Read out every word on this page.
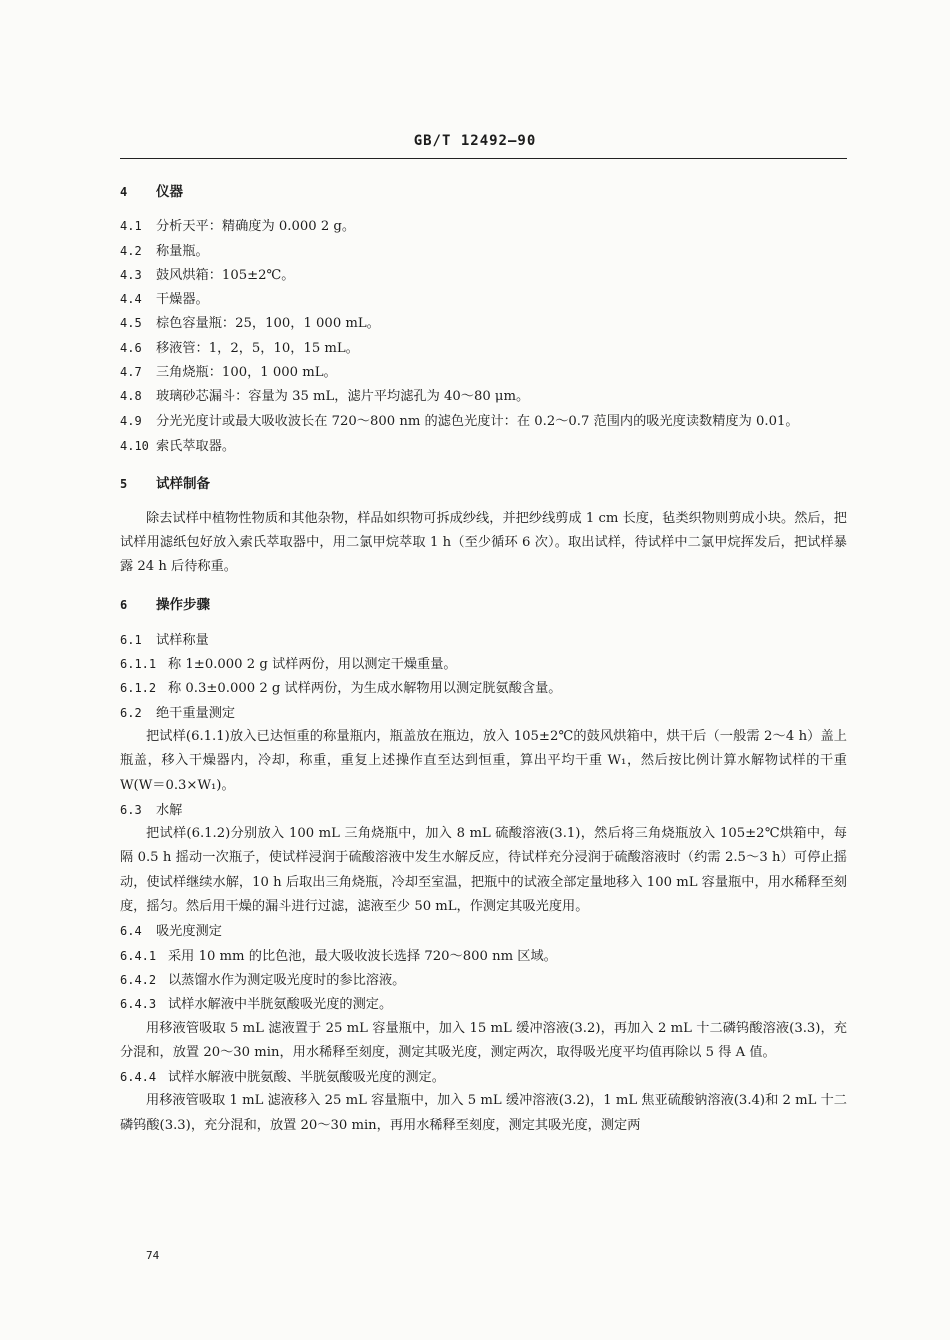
GB/T 12492—90
4 仪器
4.1 分析天平：精确度为 0.000 2 g。
4.2 称量瓶。
4.3 鼓风烘箱：105±2℃。
4.4 干燥器。
4.5 棕色容量瓶：25，100，1 000 mL。
4.6 移液管：1，2，5，10，15 mL。
4.7 三角烧瓶：100，1 000 mL。
4.8 玻璃砂芯漏斗：容量为 35 mL，滤片平均滤孔为 40～80 μm。
4.9 分光光度计或最大吸收波长在 720～800 nm 的滤色光度计：在 0.2～0.7 范围内的吸光度读数精度为 0.01。
4.10 索氏萃取器。
5 试样制备
除去试样中植物性物质和其他杂物，样品如织物可拆成纱线，并把纱线剪成 1 cm 长度，毡类织物则剪成小块。然后，把试样用滤纸包好放入索氏萃取器中，用二氯甲烷萃取 1 h（至少循环 6 次）。取出试样，待试样中二氯甲烷挥发后，把试样暴露 24 h 后待称重。
6 操作步骤
6.1 试样称量
6.1.1 称 1±0.000 2 g 试样两份，用以测定干燥重量。
6.1.2 称 0.3±0.000 2 g 试样两份，为生成水解物用以测定胱氨酸含量。
6.2 绝干重量测定
把试样(6.1.1)放入已达恒重的称量瓶内，瓶盖放在瓶边，放入 105±2℃的鼓风烘箱中，烘干后（一般需 2～4 h）盖上瓶盖，移入干燥器内，冷却，称重，重复上述操作直至达到恒重，算出平均干重 W₁，然后按比例计算水解物试样的干重 W(W＝0.3×W₁)。
6.3 水解
把试样(6.1.2)分别放入 100 mL 三角烧瓶中，加入 8 mL 硫酸溶液(3.1)，然后将三角烧瓶放入 105±2℃烘箱中，每隔 0.5 h 摇动一次瓶子，使试样浸润于硫酸溶液中发生水解反应，待试样充分浸润于硫酸溶液时（约需 2.5～3 h）可停止摇动，使试样继续水解，10 h 后取出三角烧瓶，冷却至室温，把瓶中的试液全部定量地移入 100 mL 容量瓶中，用水稀释至刻度，摇匀。然后用干燥的漏斗进行过滤，滤液至少 50 mL，作测定其吸光度用。
6.4 吸光度测定
6.4.1 采用 10 mm 的比色池，最大吸收波长选择 720～800 nm 区域。
6.4.2 以蒸馏水作为测定吸光度时的参比溶液。
6.4.3 试样水解液中半胱氨酸吸光度的测定。
用移液管吸取 5 mL 滤液置于 25 mL 容量瓶中，加入 15 mL 缓冲溶液(3.2)，再加入 2 mL 十二磷钨酸溶液(3.3)，充分混和，放置 20～30 min，用水稀释至刻度，测定其吸光度，测定两次，取得吸光度平均值再除以 5 得 A 值。
6.4.4 试样水解液中胱氨酸、半胱氨酸吸光度的测定。
用移液管吸取 1 mL 滤液移入 25 mL 容量瓶中，加入 5 mL 缓冲溶液(3.2)，1 mL 焦亚硫酸钠溶液(3.4)和 2 mL 十二磷钨酸(3.3)，充分混和，放置 20～30 min，再用水稀释至刻度，测定其吸光度，测定两
74
